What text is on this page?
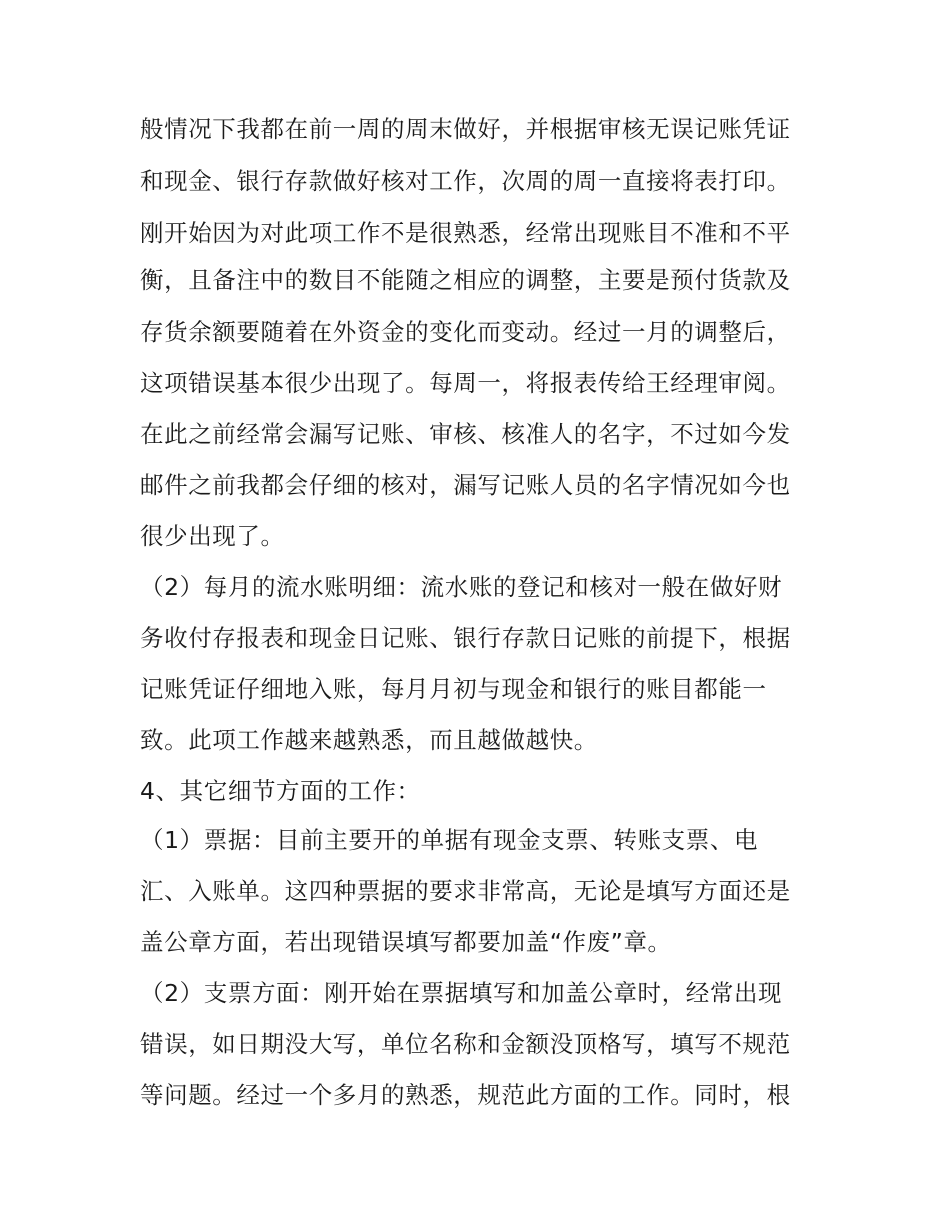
般情况下我都在前一周的周末做好，并根据审核无误记账凭证
和现金、银行存款做好核对工作，次周的周一直接将表打印。
刚开始因为对此项工作不是很熟悉，经常出现账目不准和不平
衡，且备注中的数目不能随之相应的调整，主要是预付货款及
存货余额要随着在外资金的变化而变动。经过一月的调整后，
这项错误基本很少出现了。每周一，将报表传给王经理审阅。
在此之前经常会漏写记账、审核、核准人的名字，不过如今发
邮件之前我都会仔细的核对，漏写记账人员的名字情况如今也
很少出现了。
（2）每月的流水账明细：流水账的登记和核对一般在做好财
务收付存报表和现金日记账、银行存款日记账的前提下，根据
记账凭证仔细地入账，每月月初与现金和银行的账目都能一
致。此项工作越来越熟悉，而且越做越快。
4、其它细节方面的工作：
（1）票据：目前主要开的单据有现金支票、转账支票、电
汇、入账单。这四种票据的要求非常高，无论是填写方面还是
盖公章方面，若出现错误填写都要加盖“作废”章。
（2）支票方面：刚开始在票据填写和加盖公章时，经常出现
错误，如日期没大写，单位名称和金额没顶格写，填写不规范
等问题。经过一个多月的熟悉，规范此方面的工作。同时，根
